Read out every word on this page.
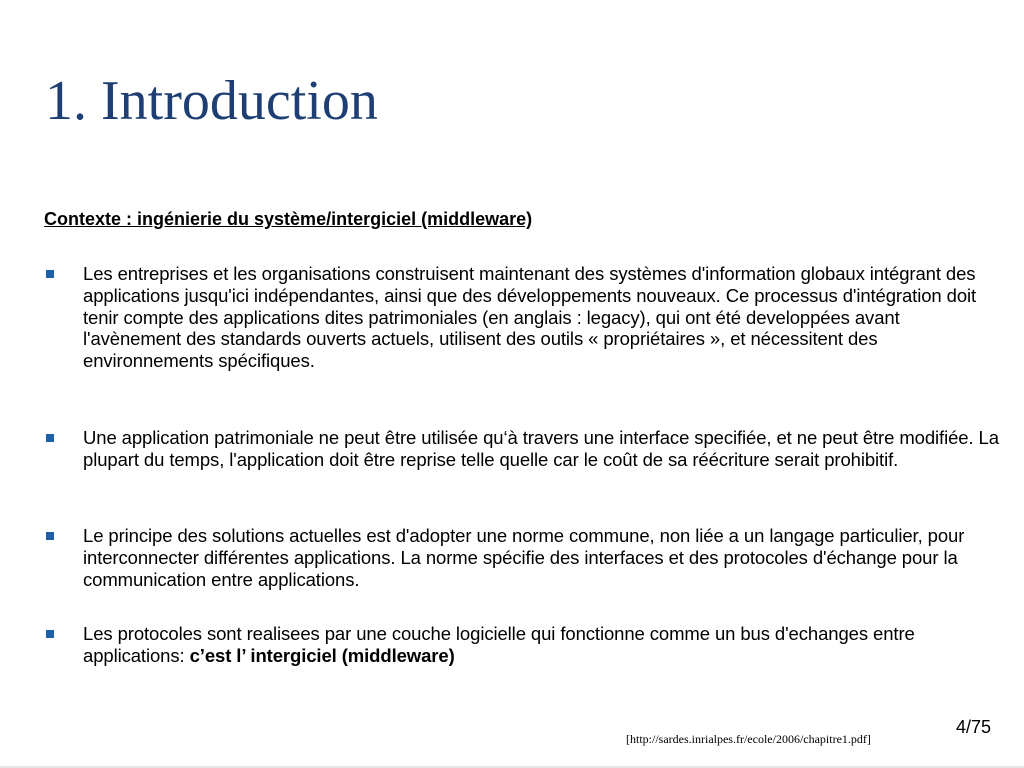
1. Introduction
Contexte : ingénierie du système/intergiciel (middleware)
Les entreprises et les organisations construisent maintenant des systèmes d'information globaux intégrant des applications jusqu'ici indépendantes, ainsi que des développements nouveaux. Ce processus d'intégration doit tenir compte des applications dites patrimoniales (en anglais : legacy), qui ont été developpées avant l'avènement des standards ouverts actuels, utilisent des outils « propriétaires », et nécessitent des environnements spécifiques.
Une application patrimoniale ne peut être utilisée qu‘à travers une interface specifiée, et ne peut être modifiée. La plupart du temps, l'application doit être reprise telle quelle car le coût de sa réécriture serait prohibitif.
Le principe des solutions actuelles est d'adopter une norme commune, non liée a un langage particulier, pour interconnecter différentes applications. La norme spécifie des interfaces et des protocoles d'échange pour la communication entre applications.
Les protocoles sont realisees par une couche logicielle qui fonctionne comme un bus d'echanges entre applications: c’est l’ intergiciel (middleware)
4/75
[http://sardes.inrialpes.fr/ecole/2006/chapitre1.pdf]
